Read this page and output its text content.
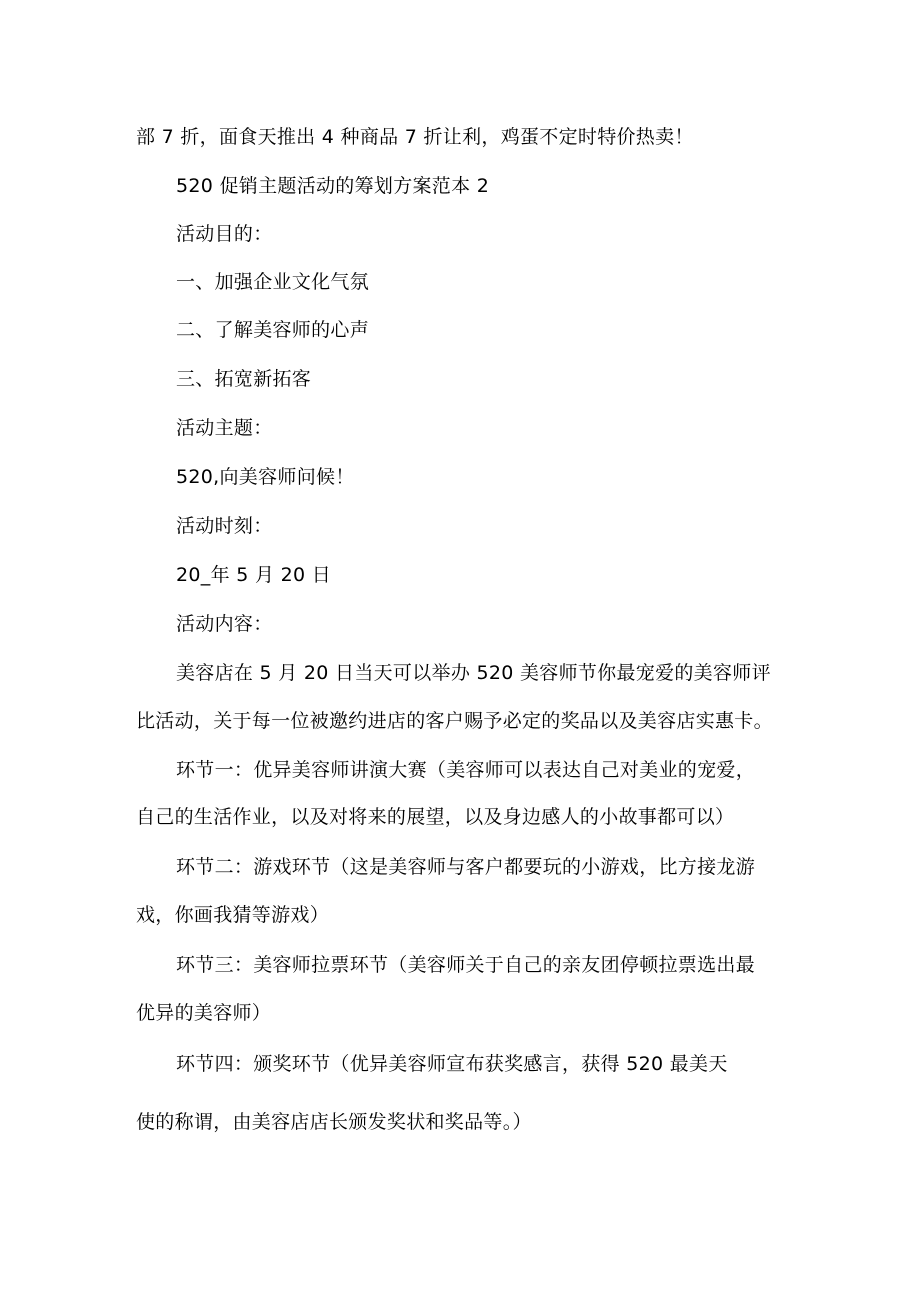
部 7 折，面食天推出 4 种商品 7 折让利，鸡蛋不定时特价热卖！
520 促销主题活动的筹划方案范本 2
活动目的：
一、加强企业文化气氛
二、了解美容师的心声
三、拓宽新拓客
活动主题：
520,向美容师问候！
活动时刻：
20_年 5 月 20 日
活动内容：
美容店在 5 月 20 日当天可以举办 520 美容师节你最宠爱的美容师评
比活动，关于每一位被邀约进店的客户赐予必定的奖品以及美容店实惠卡。
环节一：优异美容师讲演大赛（美容师可以表达自己对美业的宠爱，
自己的生活作业，以及对将来的展望，以及身边感人的小故事都可以）
环节二：游戏环节（这是美容师与客户都要玩的小游戏，比方接龙游
戏，你画我猜等游戏）
环节三：美容师拉票环节（美容师关于自己的亲友团停顿拉票选出最
优异的美容师）
环节四：颁奖环节（优异美容师宣布获奖感言，获得 520 最美天
使的称谓，由美容店店长颁发奖状和奖品等。）
